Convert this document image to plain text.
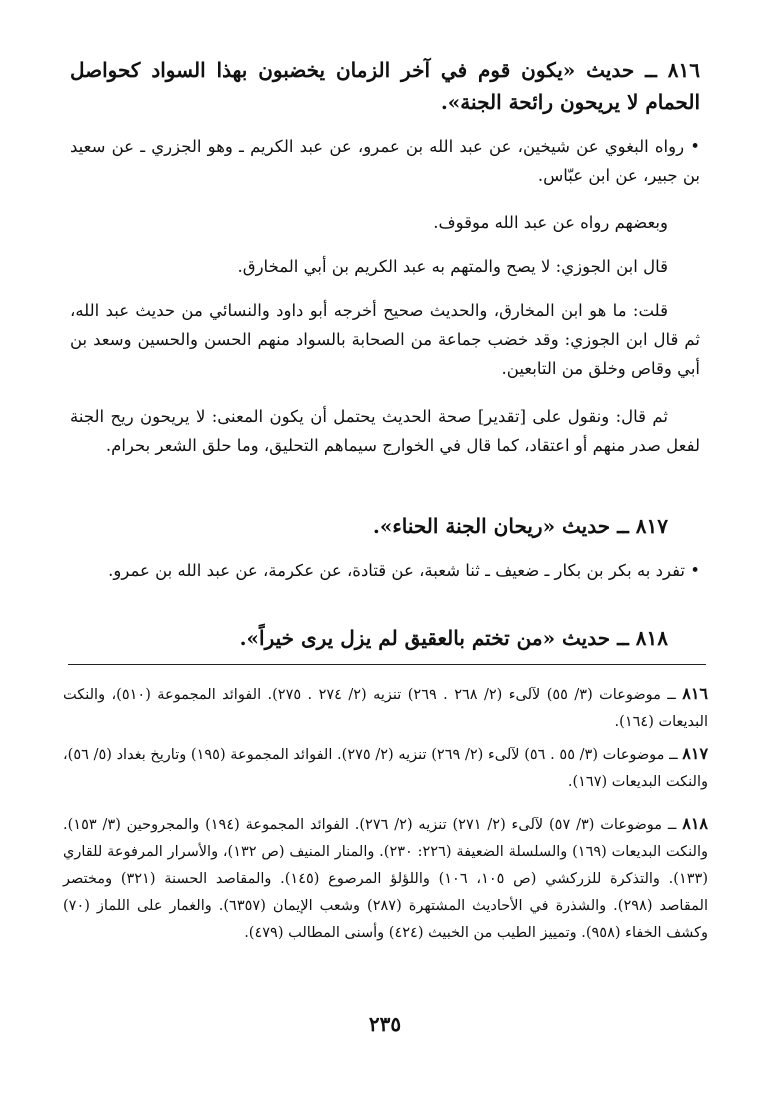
٨١٦ ــ حديث «يكون قوم في آخر الزمان يخضبون بهذا السواد كحواصل الحمام لا يريحون رائحة الجنة».
• رواه البغوي عن شيخين، عن عبد الله بن عمرو، عن عبد الكريم ـ وهو الجزري ـ عن سعيد بن جبير، عن ابن عبّاس.
وبعضهم رواه عن عبد الله موقوف.
قال ابن الجوزي: لا يصح والمتهم به عبد الكريم بن أبي المخارق.
قلت: ما هو ابن المخارق، والحديث صحيح أخرجه أبو داود والنسائي من حديث عبد الله، ثم قال ابن الجوزي: وقد خضب جماعة من الصحابة بالسواد منهم الحسن والحسين وسعد بن أبي وقاص وخلق من التابعين.
ثم قال: ونقول على [تقدير] صحة الحديث يحتمل أن يكون المعنى: لا يريحون ريح الجنة لفعل صدر منهم أو اعتقاد، كما قال في الخوارج سيماهم التحليق، وما حلق الشعر بحرام.
٨١٧ ــ حديث «ريحان الجنة الحناء».
• تفرد به بكر بن بكار ـ ضعيف ـ ثنا شعبة، عن قتادة، عن عكرمة، عن عبد الله بن عمرو.
٨١٨ ــ حديث «من تختم بالعقيق لم يزل يرى خيراً».
٨١٦ ــ موضوعات (٣/ ٥٥) لآلىء (٢/ ٢٦٨ . ٢٦٩) تنزيه (٢/ ٢٧٤ . ٢٧٥). الفوائد المجموعة (٥١٠)، والنكت البديعات (١٦٤).
٨١٧ ــ موضوعات (٣/ ٥٥ . ٥٦) لآلىء (٢/ ٢٦٩) تنزيه (٢/ ٢٧٥). الفوائد المجموعة (١٩٥) وتاريخ بغداد (٥/ ٥٦)، والنكت البديعات (١٦٧).
٨١٨ ــ موضوعات (٣/ ٥٧) لآلىء (٢/ ٢٧١) تنزيه (٢/ ٢٧٦). الفوائد المجموعة (١٩٤) والمجروحين (٣/ ١٥٣). والنكت البديعات (١٦٩) والسلسلة الضعيفة (٢٢٦: ٢٣٠). والمنار المنيف (ص ١٣٢)، والأسرار المرفوعة للقاري (١٣٣). والتذكرة للزركشي (ص ١٠٥، ١٠٦) واللؤلؤ المرصوع (١٤٥). والمقاصد الحسنة (٣٢١) ومختصر المقاصد (٢٩٨). والشذرة في الأحاديث المشتهرة (٢٨٧) وشعب الإيمان (٦٣٥٧). والغمار على اللماز (٧٠) وكشف الخفاء (٩٥٨). وتمييز الطيب من الخبيث (٤٢٤) وأسنى المطالب (٤٧٩).
٢٣٥
